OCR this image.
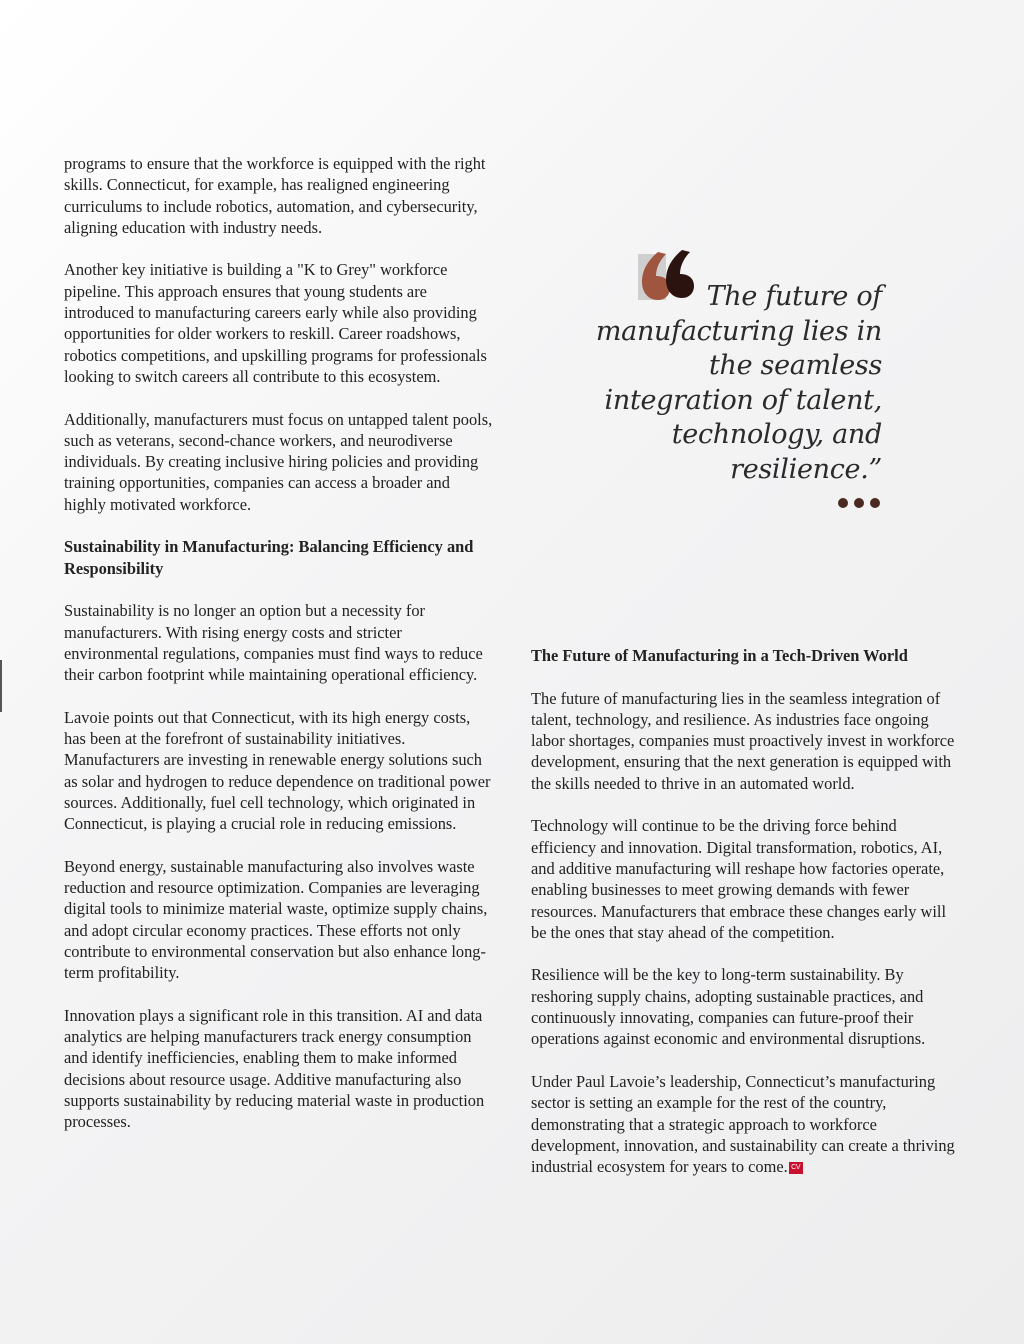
programs to ensure that the workforce is equipped with the right skills. Connecticut, for example, has realigned engineering curriculums to include robotics, automation, and cybersecurity, aligning education with industry needs.

Another key initiative is building a "K to Grey" workforce pipeline. This approach ensures that young students are introduced to manufacturing careers early while also providing opportunities for older workers to reskill. Career roadshows, robotics competitions, and upskilling programs for professionals looking to switch careers all contribute to this ecosystem.

Additionally, manufacturers must focus on untapped talent pools, such as veterans, second-chance workers, and neurodiverse individuals. By creating inclusive hiring policies and providing training opportunities, companies can access a broader and highly motivated workforce.

Sustainability in Manufacturing: Balancing Efficiency and Responsibility

Sustainability is no longer an option but a necessity for manufacturers. With rising energy costs and stricter environmental regulations, companies must find ways to reduce their carbon footprint while maintaining operational efficiency.

Lavoie points out that Connecticut, with its high energy costs, has been at the forefront of sustainability initiatives. Manufacturers are investing in renewable energy solutions such as solar and hydrogen to reduce dependence on traditional power sources. Additionally, fuel cell technology, which originated in Connecticut, is playing a crucial role in reducing emissions.

Beyond energy, sustainable manufacturing also involves waste reduction and resource optimization. Companies are leveraging digital tools to minimize material waste, optimize supply chains, and adopt circular economy practices. These efforts not only contribute to environmental conservation but also enhance long-term profitability.

Innovation plays a significant role in this transition. AI and data analytics are helping manufacturers track energy consumption and identify inefficiencies, enabling them to make informed decisions about resource usage. Additive manufacturing also supports sustainability by reducing material waste in production processes.

The future of manufacturing lies in the seamless integration of talent, technology, and resilience.”

The Future of Manufacturing in a Tech-Driven World

The future of manufacturing lies in the seamless integration of talent, technology, and resilience. As industries face ongoing labor shortages, companies must proactively invest in workforce development, ensuring that the next generation is equipped with the skills needed to thrive in an automated world.

Technology will continue to be the driving force behind efficiency and innovation. Digital transformation, robotics, AI, and additive manufacturing will reshape how factories operate, enabling businesses to meet growing demands with fewer resources. Manufacturers that embrace these changes early will be the ones that stay ahead of the competition.

Resilience will be the key to long-term sustainability. By reshoring supply chains, adopting sustainable practices, and continuously innovating, companies can future-proof their operations against economic and environmental disruptions.

Under Paul Lavoie’s leadership, Connecticut’s manufacturing sector is setting an example for the rest of the country, demonstrating that a strategic approach to workforce development, innovation, and sustainability can create a thriving industrial ecosystem for years to come. CV
